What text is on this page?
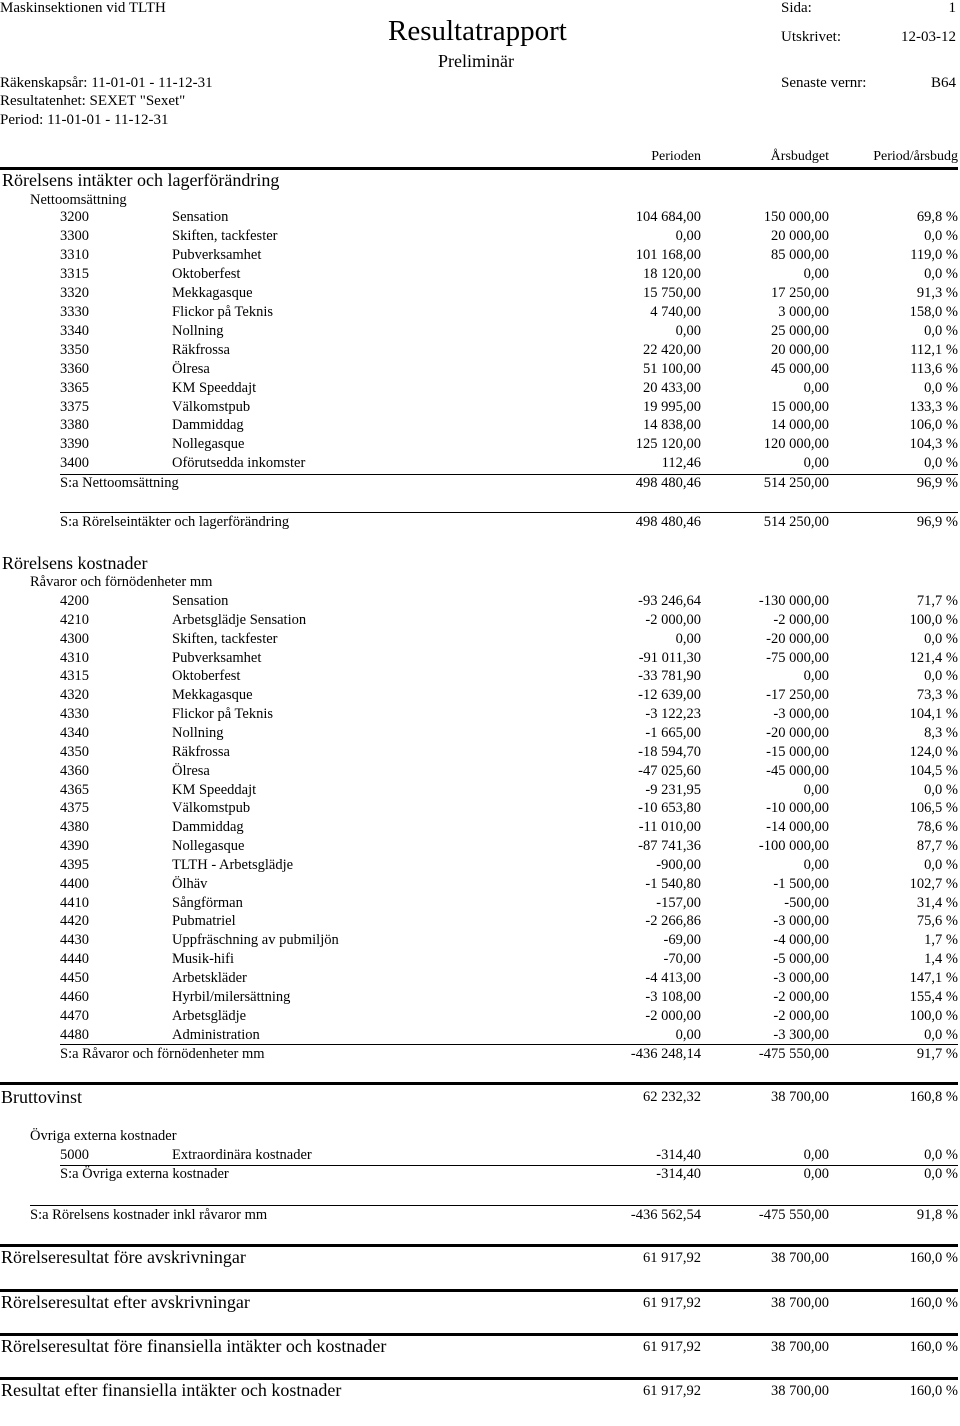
Maskinsektionen vid TLTH
Resultatrapport
Preliminär
Sida:	1
Utskrivet:	12-03-12
Räkenskapsår: 11-01-01 - 11-12-31	Senaste vernr:	B64
Resultatenhet: SEXET "Sexet"
Period: 11-01-01 - 11-12-31
Perioden	Årsbudget	Period/årsbudg
Rörelsens intäkter och lagerförändring
Nettoomsättning
3200	Sensation	104 684,00	150 000,00	69,8 %
3300	Skiften, tackfester	0,00	20 000,00	0,0 %
3310	Pubverksamhet	101 168,00	85 000,00	119,0 %
3315	Oktoberfest	18 120,00	0,00	0,0 %
3320	Mekkagasque	15 750,00	17 250,00	91,3 %
3330	Flickor på Teknis	4 740,00	3 000,00	158,0 %
3340	Nollning	0,00	25 000,00	0,0 %
3350	Räkfrossa	22 420,00	20 000,00	112,1 %
3360	Ölresa	51 100,00	45 000,00	113,6 %
3365	KM Speeddajt	20 433,00	0,00	0,0 %
3375	Välkomstpub	19 995,00	15 000,00	133,3 %
3380	Dammiddag	14 838,00	14 000,00	106,0 %
3390	Nollegasque	125 120,00	120 000,00	104,3 %
3400	Oförutsedda inkomster	112,46	0,00	0,0 %
S:a Nettoomsättning	498 480,46	514 250,00	96,9 %
S:a Rörelseintäkter och lagerförändring	498 480,46	514 250,00	96,9 %
Rörelsens kostnader
Råvaror och förnödenheter mm
4200	Sensation	-93 246,64	-130 000,00	71,7 %
4210	Arbetsglädje Sensation	-2 000,00	-2 000,00	100,0 %
4300	Skiften, tackfester	0,00	-20 000,00	0,0 %
4310	Pubverksamhet	-91 011,30	-75 000,00	121,4 %
4315	Oktoberfest	-33 781,90	0,00	0,0 %
4320	Mekkagasque	-12 639,00	-17 250,00	73,3 %
4330	Flickor på Teknis	-3 122,23	-3 000,00	104,1 %
4340	Nollning	-1 665,00	-20 000,00	8,3 %
4350	Räkfrossa	-18 594,70	-15 000,00	124,0 %
4360	Ölresa	-47 025,60	-45 000,00	104,5 %
4365	KM Speeddajt	-9 231,95	0,00	0,0 %
4375	Välkomstpub	-10 653,80	-10 000,00	106,5 %
4380	Dammiddag	-11 010,00	-14 000,00	78,6 %
4390	Nollegasque	-87 741,36	-100 000,00	87,7 %
4395	TLTH - Arbetsglädje	-900,00	0,00	0,0 %
4400	Ölhäv	-1 540,80	-1 500,00	102,7 %
4410	Sångförman	-157,00	-500,00	31,4 %
4420	Pubmatriel	-2 266,86	-3 000,00	75,6 %
4430	Uppfräschning av pubmiljön	-69,00	-4 000,00	1,7 %
4440	Musik-hifi	-70,00	-5 000,00	1,4 %
4450	Arbetskläder	-4 413,00	-3 000,00	147,1 %
4460	Hyrbil/milersättning	-3 108,00	-2 000,00	155,4 %
4470	Arbetsglädje	-2 000,00	-2 000,00	100,0 %
4480	Administration	0,00	-3 300,00	0,0 %
S:a Råvaror och förnödenheter mm	-436 248,14	-475 550,00	91,7 %
Bruttovinst	62 232,32	38 700,00	160,8 %
Övriga externa kostnader
5000	Extraordinära kostnader	-314,40	0,00	0,0 %
S:a Övriga externa kostnader	-314,40	0,00	0,0 %
S:a Rörelsens kostnader inkl råvaror mm	-436 562,54	-475 550,00	91,8 %
Rörelseresultat före avskrivningar	61 917,92	38 700,00	160,0 %
Rörelseresultat efter avskrivningar	61 917,92	38 700,00	160,0 %
Rörelseresultat före finansiella intäkter och kostnader	61 917,92	38 700,00	160,0 %
Resultat efter finansiella intäkter och kostnader	61 917,92	38 700,00	160,0 %
